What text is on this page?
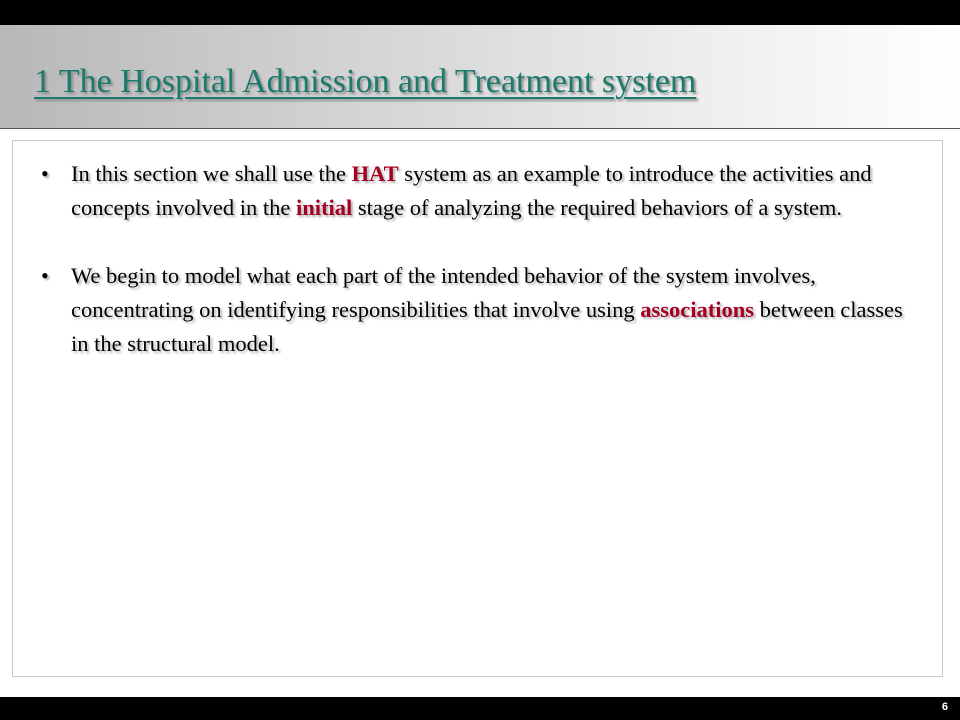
1 The Hospital Admission and Treatment system
• In this section we shall use the HAT system as an example to introduce the activities and concepts involved in the initial stage of analyzing the required behaviors of a system.
• We begin to model what each part of the intended behavior of the system involves, concentrating on identifying responsibilities that involve using associations between classes in the structural model.
6
